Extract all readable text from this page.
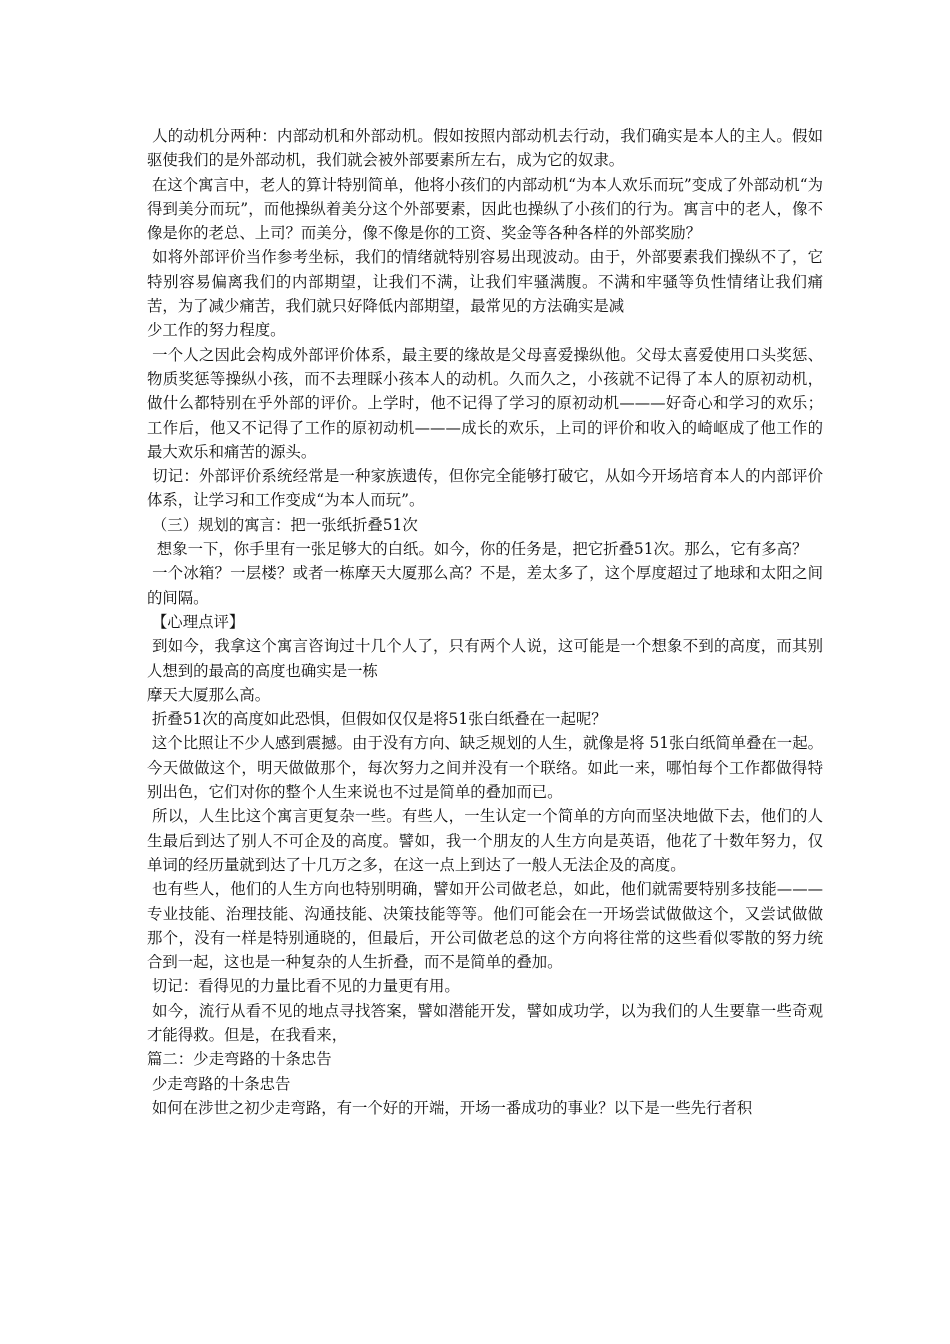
人的动机分两种：内部动机和外部动机。假如按照内部动机去行动，我们确实是本人的主人。假如驱使我们的是外部动机，我们就会被外部要素所左右，成为它的奴隶。

在这个寓言中，老人的算计特别简单，他将小孩们的内部动机“为本人欢乐而玩”变成了外部动机“为得到美分而玩”，而他操纵着美分这个外部要素，因此也操纵了小孩们的行为。寓言中的老人，像不像是你的老总、上司？而美分，像不像是你的工资、奖金等各种各样的外部奖励？

如将外部评价当作参考坐标，我们的情绪就特别容易出现波动。由于，外部要素我们操纵不了，它特别容易偏离我们的内部期望，让我们不满，让我们牢骚满腹。不满和牢骚等负性情绪让我们痛苦，为了减少痛苦，我们就只好降低内部期望，最常见的方法确实是减

少工作的努力程度。

一个人之因此会构成外部评价体系，最主要的缘故是父母喜爱操纵他。父母太喜爱使用口头奖惩、物质奖惩等操纵小孩，而不去理睬小孩本人的动机。久而久之，小孩就不记得了本人的原初动机，做什么都特别在乎外部的评价。上学时，他不记得了学习的原初动机———好奇心和学习的欢乐；工作后，他又不记得了工作的原初动机———成长的欢乐，上司的评价和收入的崎岖成了他工作的最大欢乐和痛苦的源头。

切记：外部评价系统经常是一种家族遗传，但你完全能够打破它，从如今开场培育本人的内部评价体系，让学习和工作变成“为本人而玩”。

（三）规划的寓言：把一张纸折叠51次

想象一下，你手里有一张足够大的白纸。如今，你的任务是，把它折叠51次。那么，它有多高？

一个冰箱？一层楼？或者一栋摩天大厦那么高？不是，差太多了，这个厚度超过了地球和太阳之间的间隔。

【心理点评】

到如今，我拿这个寓言咨询过十几个人了，只有两个人说，这可能是一个想象不到的高度，而其别人想到的最高的高度也确实是一栋

摩天大厦那么高。

折叠51次的高度如此恐惧，但假如仅仅是将51张白纸叠在一起呢？

这个比照让不少人感到震撼。由于没有方向、缺乏规划的人生，就像是将 51张白纸简单叠在一起。今天做做这个，明天做做那个，每次努力之间并没有一个联络。如此一来，哪怕每个工作都做得特别出色，它们对你的整个人生来说也不过是简单的叠加而已。

所以，人生比这个寓言更复杂一些。有些人，一生认定一个简单的方向而坚决地做下去，他们的人生最后到达了别人不可企及的高度。譬如，我一个朋友的人生方向是英语，他花了十数年努力，仅单词的经历量就到达了十几万之多，在这一点上到达了一般人无法企及的高度。

也有些人，他们的人生方向也特别明确，譬如开公司做老总，如此，他们就需要特别多技能———专业技能、治理技能、沟通技能、决策技能等等。他们可能会在一开场尝试做做这个，又尝试做做那个，没有一样是特别通晓的，但最后，开公司做老总的这个方向将往常的这些看似零散的努力统合到一起，这也是一种复杂的人生折叠，而不是简单的叠加。

切记：看得见的力量比看不见的力量更有用。

如今，流行从看不见的地点寻找答案，譬如潜能开发，譬如成功学，以为我们的人生要靠一些奇观才能得救。但是，在我看来，

篇二：少走弯路的十条忠告

少走弯路的十条忠告

如何在涉世之初少走弯路，有一个好的开端，开场一番成功的事业？以下是一些先行者积
